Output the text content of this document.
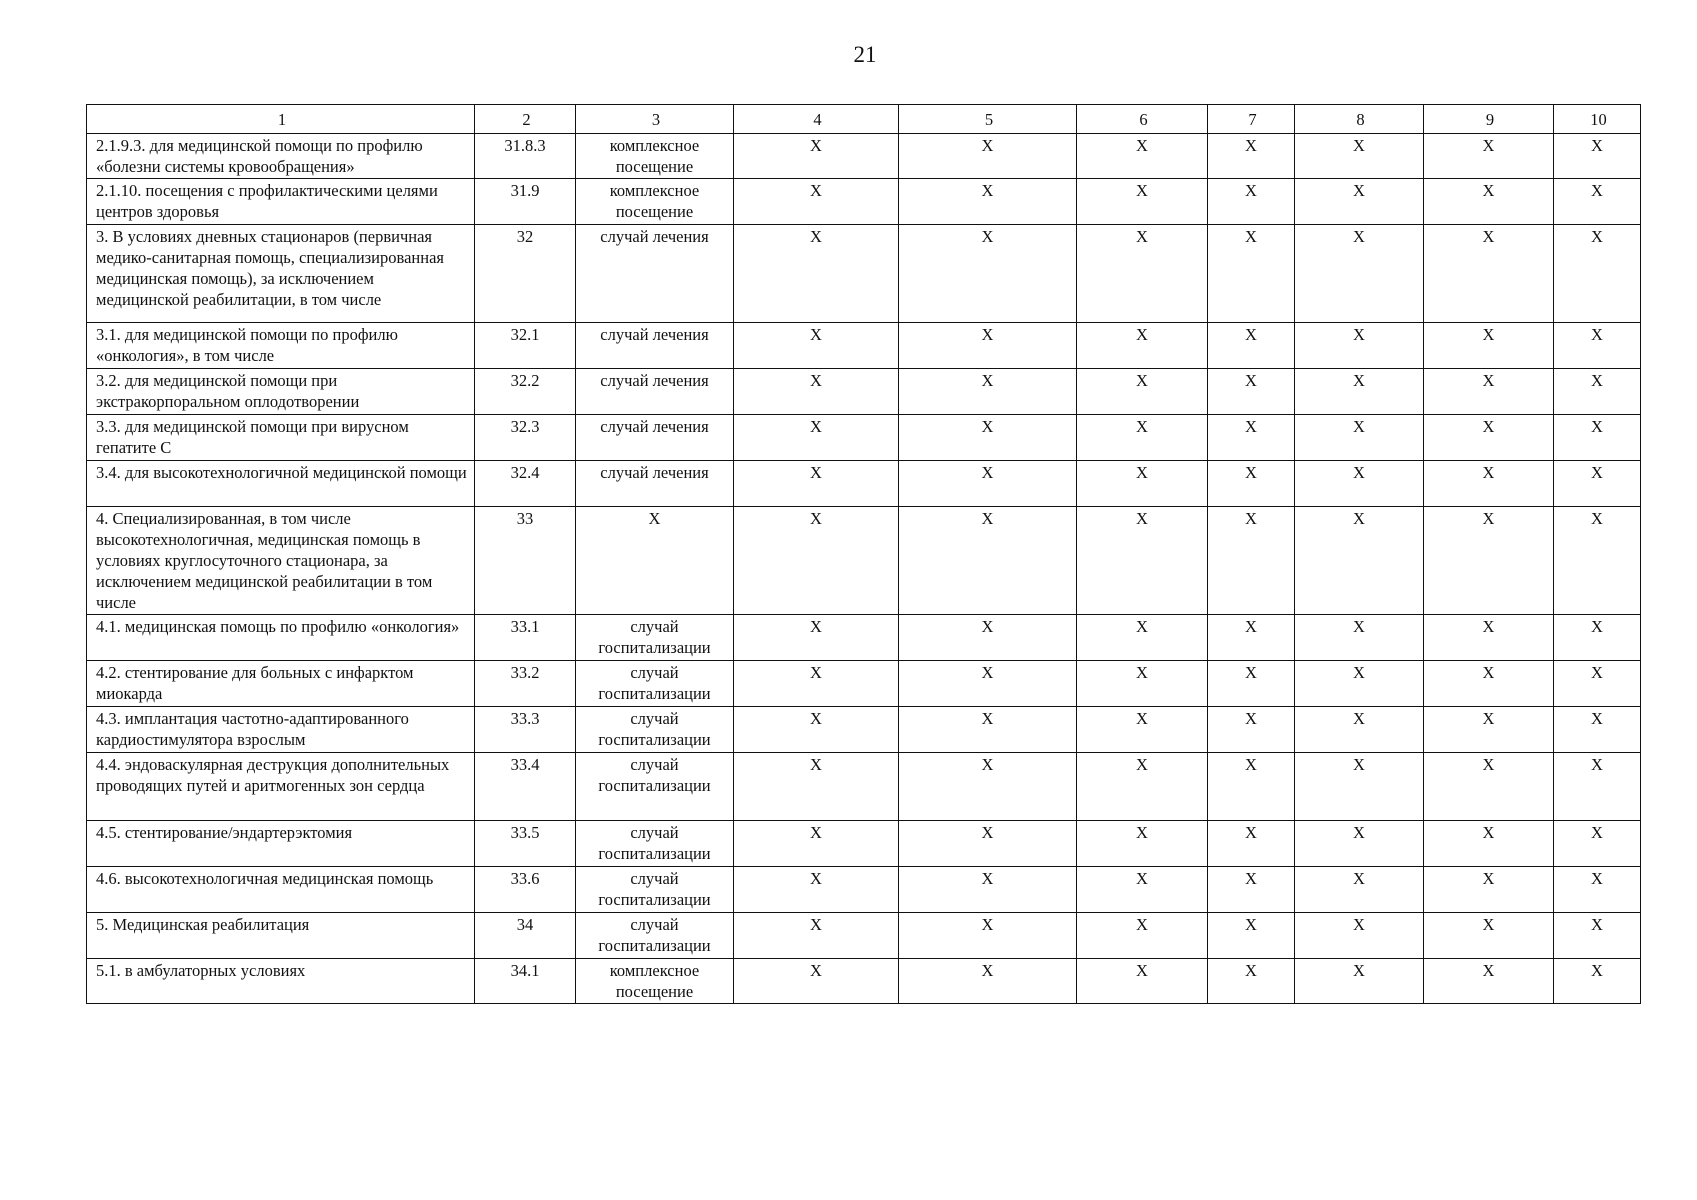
21
1	2	3	4	5	6	7	8	9	10
2.1.9.3. для медицинской помощи по профилю «болезни системы кровообращения»	31.8.3	комплексное посещение	X	X	X	X	X	X	X
2.1.10. посещения с профилактическими целями центров здоровья	31.9	комплексное посещение	X	X	X	X	X	X	X
3. В условиях дневных стационаров (первичная медико-санитарная помощь, специализированная медицинская помощь), за исключением медицинской реабилитации, в том числе	32	случай лечения	X	X	X	X	X	X	X
3.1. для медицинской помощи по профилю «онкология», в том числе	32.1	случай лечения	X	X	X	X	X	X	X
3.2. для медицинской помощи при экстракорпоральном оплодотворении	32.2	случай лечения	X	X	X	X	X	X	X
3.3. для медицинской помощи при вирусном гепатите С	32.3	случай лечения	X	X	X	X	X	X	X
3.4. для высокотехнологичной медицинской помощи	32.4	случай лечения	X	X	X	X	X	X	X
4. Специализированная, в том числе высокотехнологичная, медицинская помощь в условиях круглосуточного стационара, за исключением медицинской реабилитации в том числе	33	X	X	X	X	X	X	X	X
4.1. медицинская помощь по профилю «онкология»	33.1	случай госпитализации	X	X	X	X	X	X	X
4.2. стентирование для больных с инфарктом миокарда	33.2	случай госпитализации	X	X	X	X	X	X	X
4.3. имплантация частотно-адаптированного кардиостимулятора взрослым	33.3	случай госпитализации	X	X	X	X	X	X	X
4.4. эндоваскулярная деструкция дополнительных проводящих путей и аритмогенных зон сердца	33.4	случай госпитализации	X	X	X	X	X	X	X
4.5. стентирование/эндартерэктомия	33.5	случай госпитализации	X	X	X	X	X	X	X
4.6. высокотехнологичная медицинская помощь	33.6	случай госпитализации	X	X	X	X	X	X	X
5. Медицинская реабилитация	34	случай госпитализации	X	X	X	X	X	X	X
5.1. в амбулаторных условиях	34.1	комплексное посещение	X	X	X	X	X	X	X
